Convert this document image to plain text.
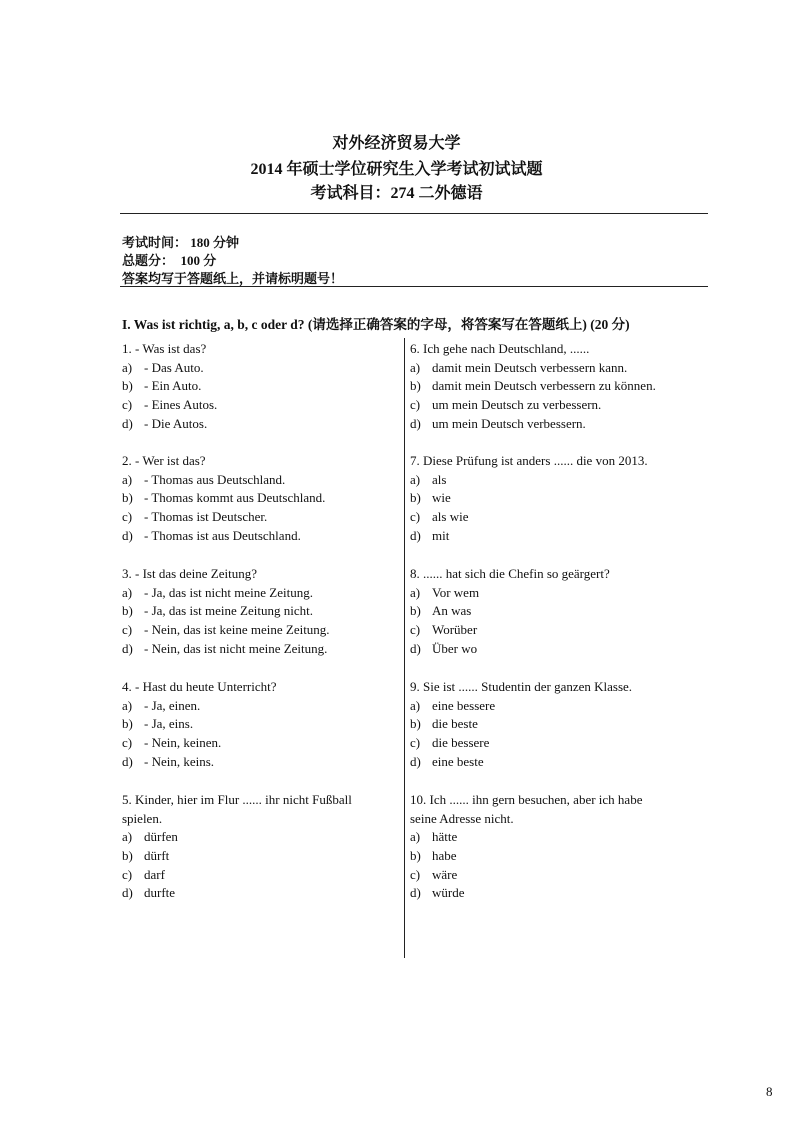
对外经济贸易大学
2014 年硕士学位研究生入学考试初试试题
考试科目：274 二外德语
考试时间： 180 分钟
总题分：　100 分
答案均写于答题纸上，并请标明题号！
I. Was ist richtig, a, b, c oder d? (请选择正确答案的字母，将答案写在答题纸上) (20 分)
1. - Was ist das?
a) - Das Auto.
b) - Ein Auto.
c) - Eines Autos.
d) - Die Autos.
2. - Wer ist das?
a) - Thomas aus Deutschland.
b) - Thomas kommt aus Deutschland.
c) - Thomas ist Deutscher.
d) - Thomas ist aus Deutschland.
3. - Ist das deine Zeitung?
a) - Ja, das ist nicht meine Zeitung.
b) - Ja, das ist meine Zeitung nicht.
c) - Nein, das ist keine meine Zeitung.
d) - Nein, das ist nicht meine Zeitung.
4. - Hast du heute Unterricht?
a) - Ja, einen.
b) - Ja, eins.
c) - Nein, keinen.
d) - Nein, keins.
5. Kinder, hier im Flur ...... ihr nicht Fußball
spielen.
a) dürfen
b) dürft
c) darf
d) durfte
6. Ich gehe nach Deutschland, ......
a) damit mein Deutsch verbessern kann.
b) damit mein Deutsch verbessern zu können.
c) um mein Deutsch zu verbessern.
d) um mein Deutsch verbessern.
7. Diese Prüfung ist anders ...... die von 2013.
a) als
b) wie
c) als wie
d) mit
8. ...... hat sich die Chefin so geärgert?
a) Vor wem
b) An was
c) Worüber
d) Über wo
9. Sie ist ...... Studentin der ganzen Klasse.
a) eine bessere
b) die beste
c) die bessere
d) eine beste
10. Ich ...... ihn gern besuchen, aber ich habe
seine Adresse nicht.
a) hätte
b) habe
c) wäre
d) würde
8
